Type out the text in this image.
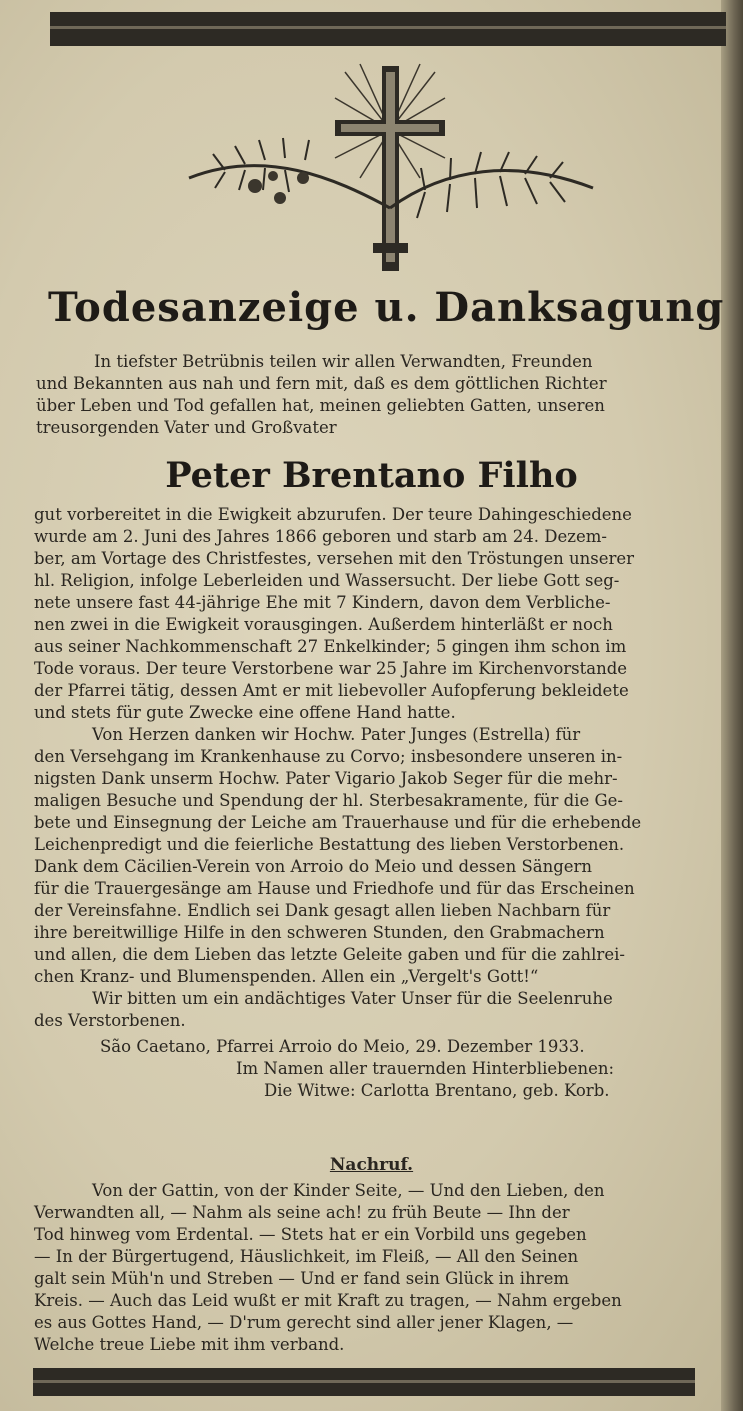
Todesanzeige u. Danksagung
In tiefster Betrübnis teilen wir allen Verwandten, Freunden
und Bekannten aus nah und fern mit, daß es dem göttlichen Richter
über Leben und Tod gefallen hat, meinen geliebten Gatten, unseren
treusorgenden Vater und Großvater
Peter Brentano Filho
gut vorbereitet in die Ewigkeit abzurufen. Der teure Dahingeschiedene
wurde am 2. Juni des Jahres 1866 geboren und starb am 24. Dezem-
ber, am Vortage des Christfestes, versehen mit den Tröstungen unserer
hl. Religion, infolge Leberleiden und Wassersucht. Der liebe Gott seg-
nete unsere fast 44-jährige Ehe mit 7 Kindern, davon dem Verbliche-
nen zwei in die Ewigkeit vorausgingen. Außerdem hinterläßt er noch
aus seiner Nachkommenschaft 27 Enkelkinder; 5 gingen ihm schon im
Tode voraus. Der teure Verstorbene war 25 Jahre im Kirchenvorstande
der Pfarrei tätig, dessen Amt er mit liebevoller Aufopferung bekleidete
und stets für gute Zwecke eine offene Hand hatte.
Von Herzen danken wir Hochw. Pater Junges (Estrella) für
den Versehgang im Krankenhause zu Corvo; insbesondere unseren in-
nigsten Dank unserm Hochw. Pater Vigario Jakob Seger für die mehr-
maligen Besuche und Spendung der hl. Sterbesakramente, für die Ge-
bete und Einsegnung der Leiche am Trauerhause und für die erhebende
Leichenpredigt und die feierliche Bestattung des lieben Verstorbenen.
Dank dem Cäcilien-Verein von Arroio do Meio und dessen Sängern
für die Trauergesänge am Hause und Friedhofe und für das Erscheinen
der Vereinsfahne. Endlich sei Dank gesagt allen lieben Nachbarn für
ihre bereitwillige Hilfe in den schweren Stunden, den Grabmachern
und allen, die dem Lieben das letzte Geleite gaben und für die zahlrei-
chen Kranz- und Blumenspenden. Allen ein „Vergelt's Gott!“
Wir bitten um ein andächtiges Vater Unser für die Seelenruhe
des Verstorbenen.
São Caetano, Pfarrei Arroio do Meio, 29. Dezember 1933.
Im Namen aller trauernden Hinterbliebenen:
Die Witwe: Carlotta Brentano, geb. Korb.
Nachruf.
Von der Gattin, von der Kinder Seite, — Und den Lieben, den
Verwandten all, — Nahm als seine ach! zu früh Beute — Ihn der
Tod hinweg vom Erdental. — Stets hat er ein Vorbild uns gegeben
— In der Bürgertugend, Häuslichkeit, im Fleiß, — All den Seinen
galt sein Müh'n und Streben — Und er fand sein Glück in ihrem
Kreis. — Auch das Leid wußt er mit Kraft zu tragen, — Nahm ergeben
es aus Gottes Hand, — D'rum gerecht sind aller jener Klagen, —
Welche treue Liebe mit ihm verband.
